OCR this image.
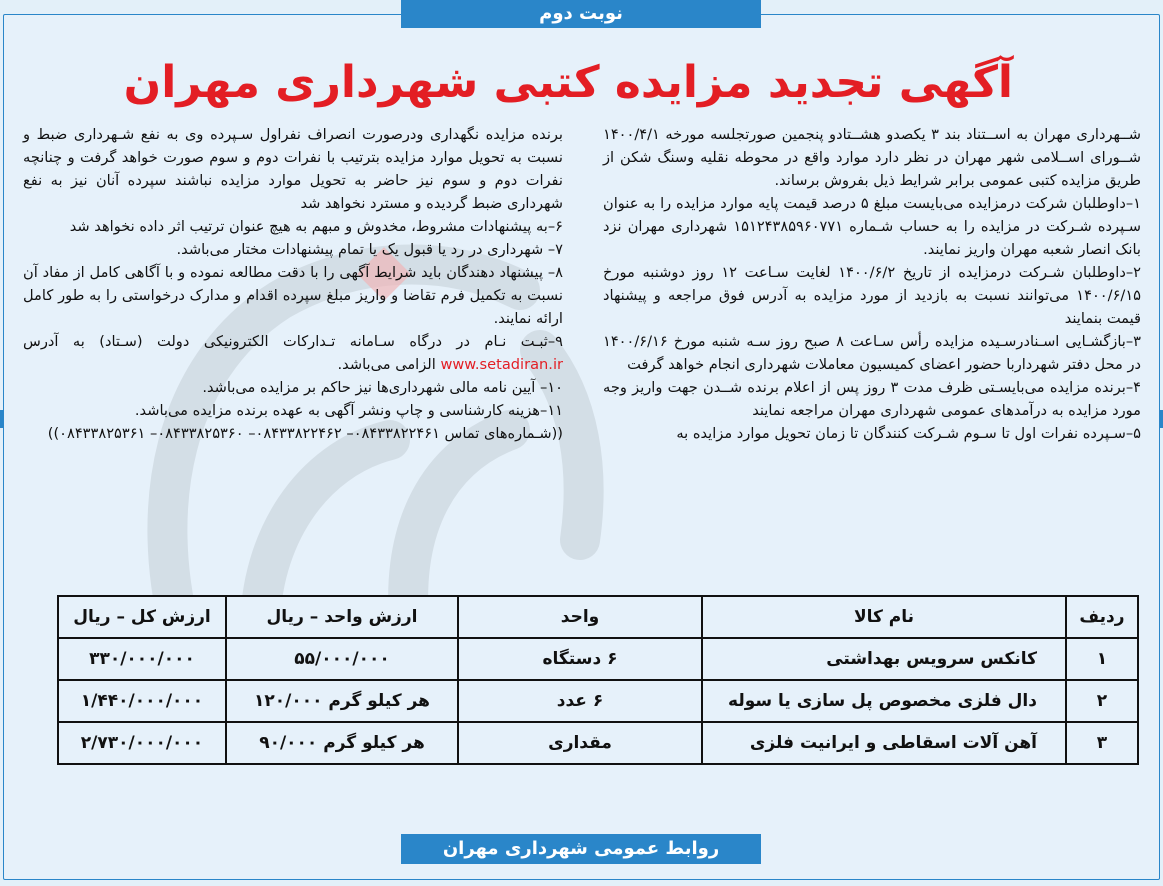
نوبت دوم
آگهی تجدید مزایده کتبی شهرداری مهران

شــهرداری مهران به اســتناد بند ۳ یکصدو هشــتادو پنجمین صورتجلسه مورخه ۱۴۰۰/۴/۱ شــورای اســلامی شهر مهران در نظر دارد موارد واقع در محوطه نقلیه وسنگ شکن از طریق مزایده کتبی عمومی برابر شرایط ذیل بفروش برساند.

۱–داوطلبان شرکت درمزایده می‌بایست مبلغ ۵ درصد قیمت پایه موارد مزایده را به عنوان سـپرده شـرکت در مزایده را به حساب شـماره ۱۵۱۲۴۳۸۵۹۶۰۷۷۱ شهرداری مهران نزد بانک انصار شعبه مهران واریز نمایند.

۲–داوطلبان شـرکت درمزایده از تاریخ ۱۴۰۰/۶/۲ لغایت سـاعت ۱۲ روز دوشنبه مورخ ۱۴۰۰/۶/۱۵ می‌توانند نسبت به بازدید از مورد مزایده به آدرس فوق مراجعه و پیشنهاد قیمت بنمایند

۳–بازگشـایی اسـنادرسـیده مزایده رأس سـاعت ۸ صبح روز سـه شنبه مورخ ۱۴۰۰/۶/۱۶ در محل دفتر شهرداربا حضور اعضای کمیسیون معاملات شهرداری انجام خواهد گرفت

۴–برنده مزایده می‌بایسـتی ظرف مدت ۳ روز پس از اعلام برنده شــدن جهت واریز وجه مورد مزایده به درآمدهای عمومی شهرداری مهران مراجعه نمایند

۵–سـپرده نفرات اول تا سـوم شـرکت کنندگان تا زمان تحویل موارد مزایده به

برنده مزایده نگهداری ودرصورت انصراف نفراول سـپرده وی به نفع شـهرداری ضبط و نسبت به تحویل موارد مزایده بترتیب با نفرات دوم و سوم صورت خواهد گرفت و چنانچه نفرات دوم و سوم نیز حاضر به تحویل موارد مزایده نباشند سپرده آنان نیز به نفع شهرداری ضبط گردیده و مسترد نخواهد شد

۶–به پیشنهادات مشروط، مخدوش و مبهم به هیچ عنوان ترتیب اثر داده نخواهد شد

۷– شهرداری در رد یا قبول یک یا تمام پیشنهادات مختار می‌باشد.

۸– پیشنهاد دهندگان باید شرایط آگهی را با دقت مطالعه نموده و با آگاهی کامل از مفاد آن نسبت به تکمیل فرم تقاضا و واریز مبلغ سپرده اقدام و مدارک درخواستی را به طور کامل ارائه نمایند.

۹–ثبـت نـام در درگاه سـامانه تـدارکات الکترونیکی دولت (سـتاد) به آدرس www.setadiran.ir الزامی می‌باشد.

۱۰– آیین نامه مالی شهرداری‌ها نیز حاکم بر مزایده می‌باشد.

۱۱–هزینه کارشناسی و چاپ ونشر آگهی به عهده برنده مزایده می‌باشد.

((شـماره‌های تماس ۰۸۴۳۳۸۲۲۴۶۱– ۰۸۴۳۳۸۲۲۴۶۲– ۰۸۴۳۳۸۲۵۳۶۰– ۰۸۴۳۳۸۲۵۳۶۱))

ردیف	نام کالا	واحد	ارزش واحد – ریال	ارزش کل – ریال
۱	کانکس سرویس بهداشتی	۶ دستگاه	۵۵/۰۰۰/۰۰۰	۳۳۰/۰۰۰/۰۰۰
۲	دال فلزی مخصوص پل سازی یا سوله	۶ عدد	هر کیلو گرم ۱۲۰/۰۰۰	۱/۴۴۰/۰۰۰/۰۰۰
۳	آهن آلات اسقاطی و ایرانیت فلزی	مقداری	هر کیلو گرم ۹۰/۰۰۰	۲/۷۳۰/۰۰۰/۰۰۰
روابط عمومی شهرداری مهران
